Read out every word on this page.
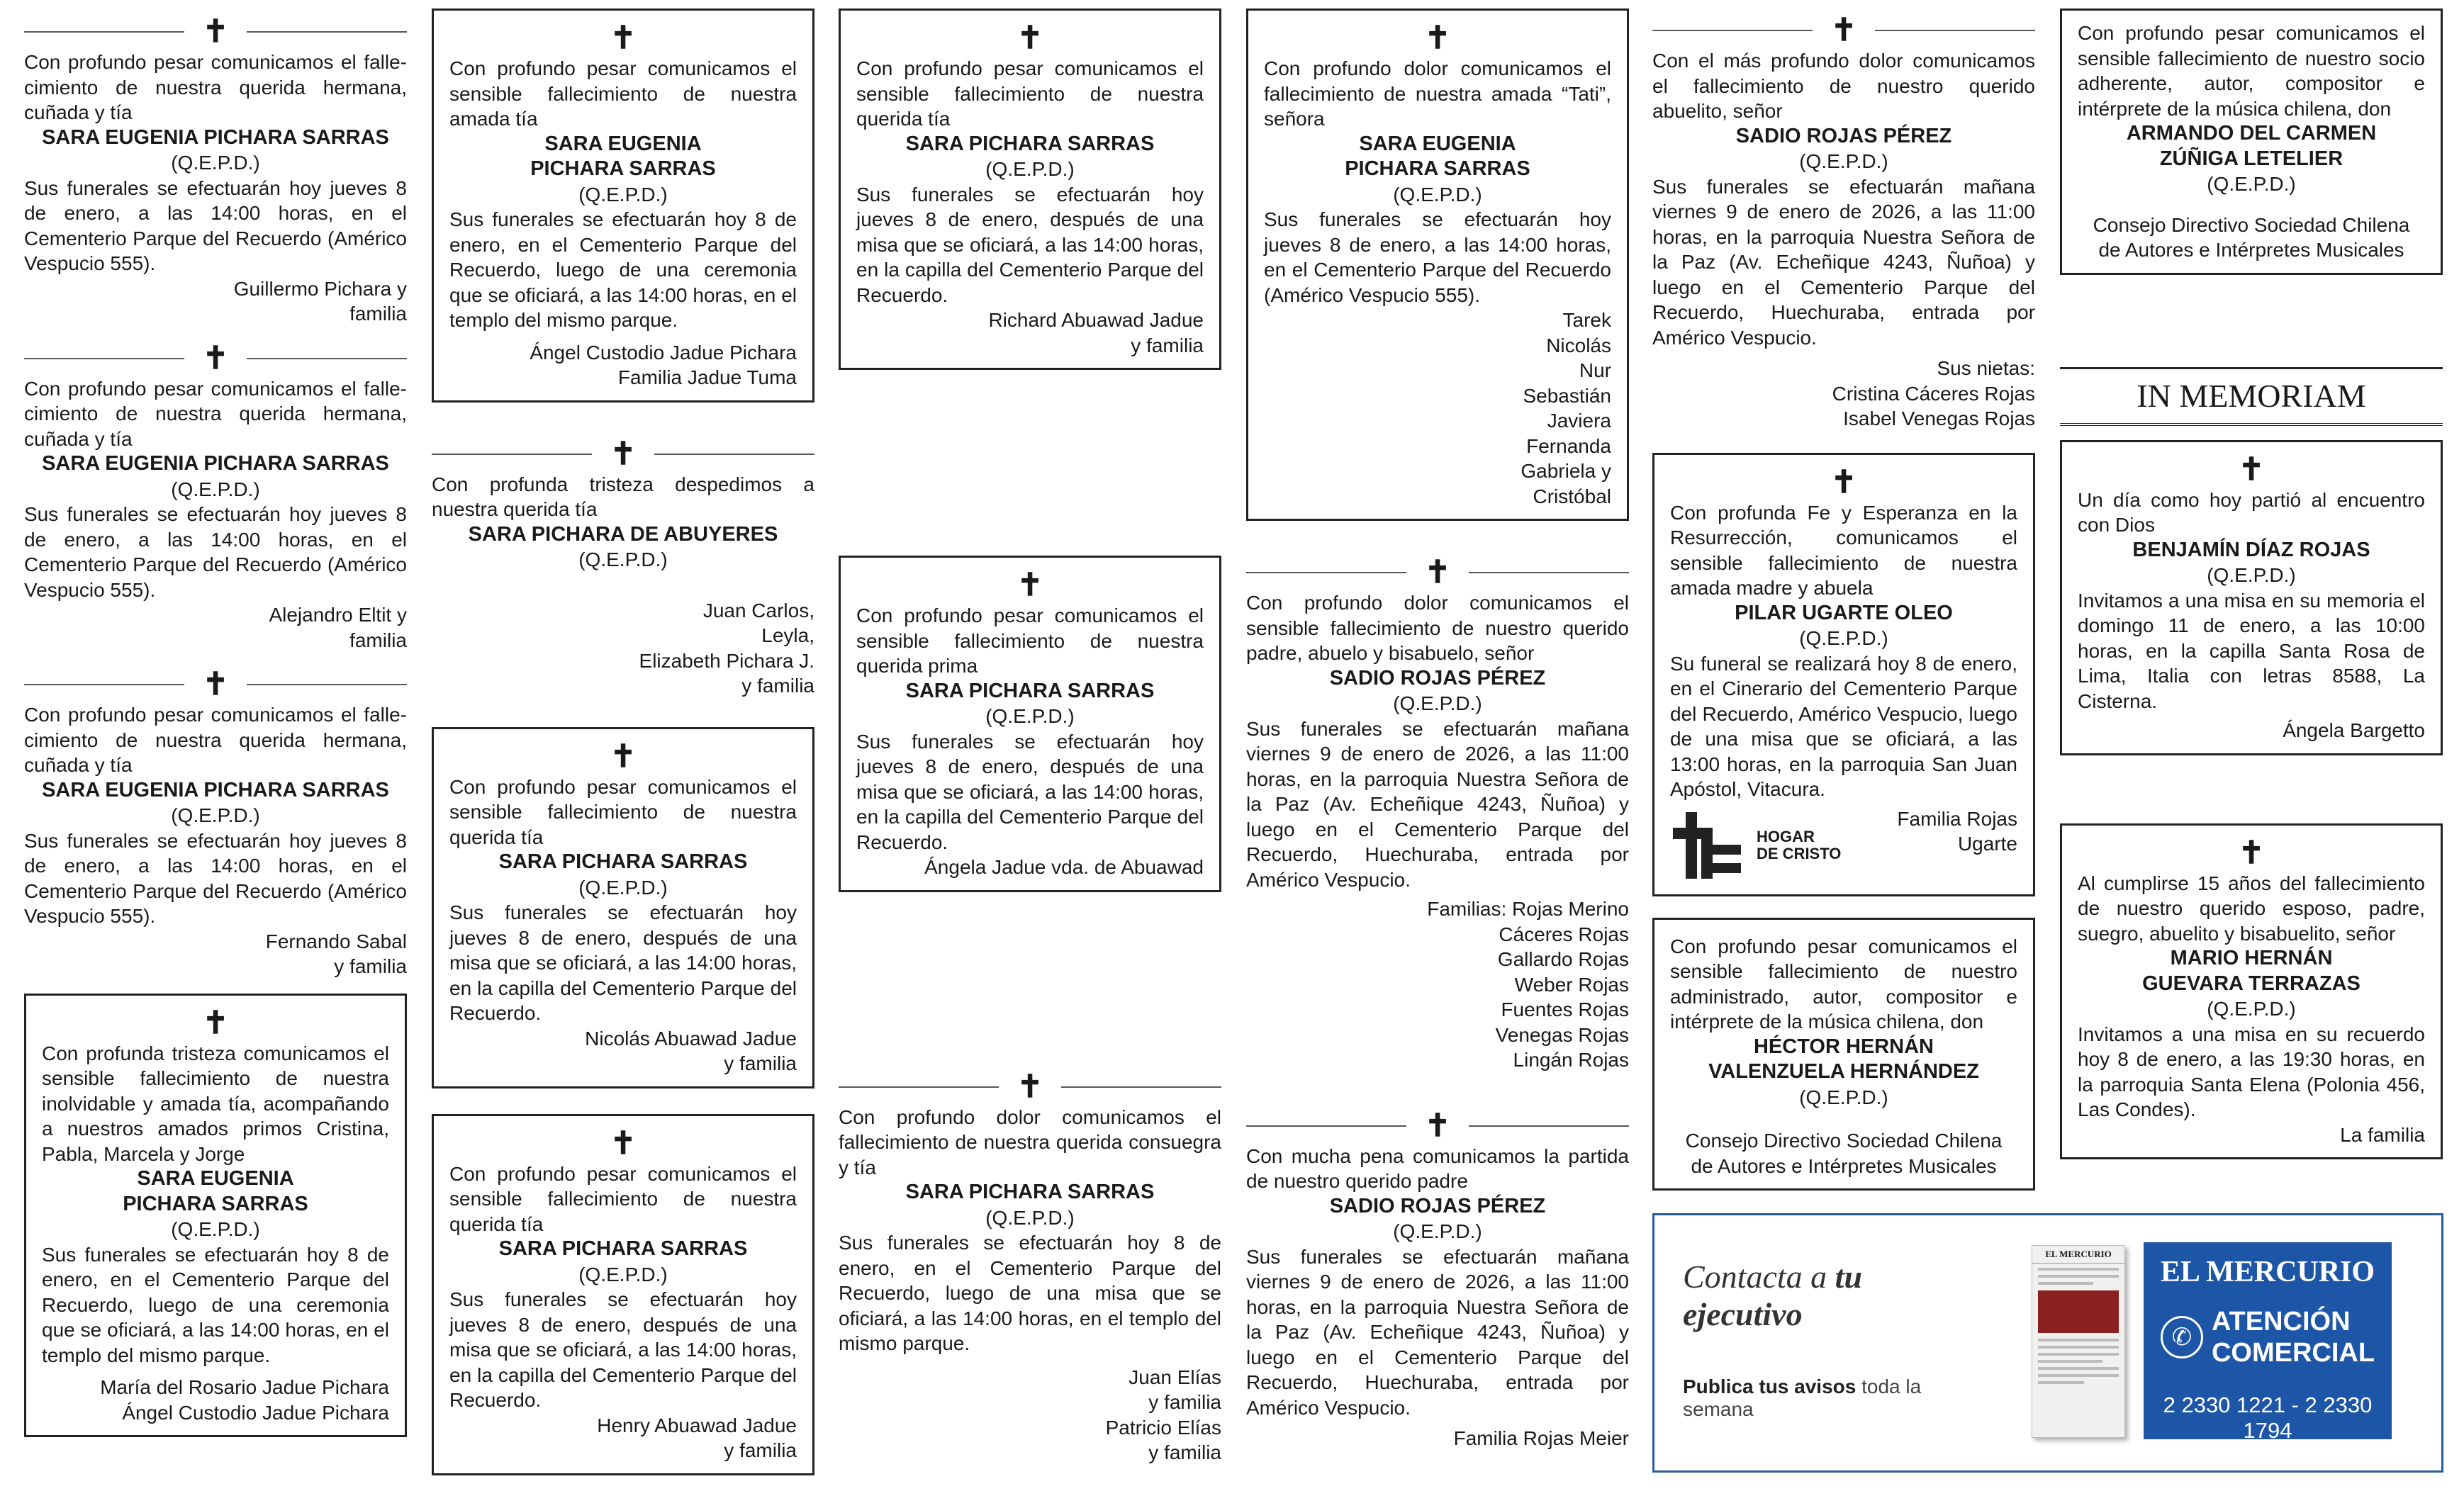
✝
Con profundo pesar comunicamos el fallecimiento de nuestra querida hermana, cuñada y tía
SARA EUGENIA PICHARA SARRAS
(Q.E.P.D.)
Sus funerales se efectuarán hoy jueves 8 de enero, a las 14:00 horas, en el Cementerio Parque del Recuerdo (Américo Vespucio 555).
Guillermo Pichara y
familia
✝
Con profundo pesar comunicamos el fallecimiento de nuestra querida hermana, cuñada y tía
SARA EUGENIA PICHARA SARRAS
(Q.E.P.D.)
Sus funerales se efectuarán hoy jueves 8 de enero, a las 14:00 horas, en el Cementerio Parque del Recuerdo (Américo Vespucio 555).
Alejandro Eltit y
familia
✝
Con profundo pesar comunicamos el fallecimiento de nuestra querida hermana, cuñada y tía
SARA EUGENIA PICHARA SARRAS
(Q.E.P.D.)
Sus funerales se efectuarán hoy jueves 8 de enero, a las 14:00 horas, en el Cementerio Parque del Recuerdo (Américo Vespucio 555).
Fernando Sabal
y familia
✝
Con profunda tristeza comunicamos el sensible fallecimiento de nuestra inolvidable y amada tía, acompañando a nuestros amados primos Cristina, Pabla, Marcela y Jorge
SARA EUGENIA
PICHARA SARRAS
(Q.E.P.D.)
Sus funerales se efectuarán hoy 8 de enero, en el Cementerio Parque del Recuerdo, luego de una ceremonia que se oficiará, a las 14:00 horas, en el templo del mismo parque.
María del Rosario Jadue Pichara
Ángel Custodio Jadue Pichara
✝
Con profundo pesar comunicamos el sensible fallecimiento de nuestra amada tía
SARA EUGENIA
PICHARA SARRAS
(Q.E.P.D.)
Sus funerales se efectuarán hoy 8 de enero, en el Cementerio Parque del Recuerdo, luego de una ceremonia que se oficiará, a las 14:00 horas, en el templo del mismo parque.
Ángel Custodio Jadue Pichara
Familia Jadue Tuma
✝
Con profunda tristeza despedimos a nuestra querida tía
SARA PICHARA DE ABUYERES
(Q.E.P.D.)
Juan Carlos,
Leyla,
Elizabeth Pichara J.
y familia
✝
Con profundo pesar comunicamos el sensible fallecimiento de nuestra querida tía
SARA PICHARA SARRAS
(Q.E.P.D.)
Sus funerales se efectuarán hoy jueves 8 de enero, después de una misa que se oficiará, a las 14:00 horas, en la capilla del Cementerio Parque del Recuerdo.
Nicolás Abuawad Jadue
y familia
✝
Con profundo pesar comunicamos el sensible fallecimiento de nuestra querida tía
SARA PICHARA SARRAS
(Q.E.P.D.)
Sus funerales se efectuarán hoy jueves 8 de enero, después de una misa que se oficiará, a las 14:00 horas, en la capilla del Cementerio Parque del Recuerdo.
Henry Abuawad Jadue
y familia
✝
Con profundo pesar comunicamos el sensible fallecimiento de nuestra querida tía
SARA PICHARA SARRAS
(Q.E.P.D.)
Sus funerales se efectuarán hoy jueves 8 de enero, después de una misa que se oficiará, a las 14:00 horas, en la capilla del Cementerio Parque del Recuerdo.
Richard Abuawad Jadue
y familia
✝
Con profundo pesar comunicamos el sensible fallecimiento de nuestra querida prima
SARA PICHARA SARRAS
(Q.E.P.D.)
Sus funerales se efectuarán hoy jueves 8 de enero, después de una misa que se oficiará, a las 14:00 horas, en la capilla del Cementerio Parque del Recuerdo.
Ángela Jadue vda. de Abuawad
✝
Con profundo dolor comunicamos el fallecimiento de nuestra querida consuegra y tía
SARA PICHARA SARRAS
(Q.E.P.D.)
Sus funerales se efectuarán hoy 8 de enero, en el Cementerio Parque del Recuerdo, luego de una misa que se oficiará, a las 14:00 horas, en el templo del mismo parque.
Juan Elías
y familia
Patricio Elías
y familia
✝
Con profundo dolor comunicamos el fallecimiento de nuestra amada “Tati”, señora
SARA EUGENIA
PICHARA SARRAS
(Q.E.P.D.)
Sus funerales se efectuarán hoy jueves 8 de enero, a las 14:00 horas, en el Cementerio Parque del Recuerdo (Américo Vespucio 555).
Tarek
Nicolás
Nur
Sebastián
Javiera
Fernanda
Gabriela y
Cristóbal
✝
Con profundo dolor comunicamos el sensible fallecimiento de nuestro querido padre, abuelo y bisabuelo, señor
SADIO ROJAS PÉREZ
(Q.E.P.D.)
Sus funerales se efectuarán mañana viernes 9 de enero de 2026, a las 11:00 horas, en la parroquia Nuestra Señora de la Paz (Av. Echeñique 4243, Ñuñoa) y luego en el Cementerio Parque del Recuerdo, Huechuraba, entrada por Américo Vespucio.
Familias: Rojas Merino
Cáceres Rojas
Gallardo Rojas
Weber Rojas
Fuentes Rojas
Venegas Rojas
Lingán Rojas
✝
Con mucha pena comunicamos la partida de nuestro querido padre
SADIO ROJAS PÉREZ
(Q.E.P.D.)
Sus funerales se efectuarán mañana viernes 9 de enero de 2026, a las 11:00 horas, en la parroquia Nuestra Señora de la Paz (Av. Echeñique 4243, Ñuñoa) y luego en el Cementerio Parque del Recuerdo, Huechuraba, entrada por Américo Vespucio.
Familia Rojas Meier
✝
Con el más profundo dolor comunicamos el fallecimiento de nuestro querido abuelito, señor
SADIO ROJAS PÉREZ
(Q.E.P.D.)
Sus funerales se efectuarán mañana viernes 9 de enero de 2026, a las 11:00 horas, en la parroquia Nuestra Señora de la Paz (Av. Echeñique 4243, Ñuñoa) y luego en el Cementerio Parque del Recuerdo, Huechuraba, entrada por Américo Vespucio.
Sus nietas:
Cristina Cáceres Rojas
Isabel Venegas Rojas
✝
Con profunda Fe y Esperanza en la Resurrección, comunicamos el sensible fallecimiento de nuestra amada madre y abuela
PILAR UGARTE OLEO
(Q.E.P.D.)
Su funeral se realizará hoy 8 de enero, en el Cinerario del Cementerio Parque del Recuerdo, Américo Vespucio, luego de una misa que se oficiará, a las 13:00 horas, en la parroquia San Juan Apóstol, Vitacura.
HOGAR
DE CRISTO
Familia Rojas
Ugarte
Con profundo pesar comunicamos el sensible fallecimiento de nuestro administrado, autor, compositor e intérprete de la música chilena, don
HÉCTOR HERNÁN
VALENZUELA HERNÁNDEZ
(Q.E.P.D.)
Consejo Directivo Sociedad Chilena
de Autores e Intérpretes Musicales
Con profundo pesar comunicamos el sensible fallecimiento de nuestro socio adherente, autor, compositor e intérprete de la música chilena, don
ARMANDO DEL CARMEN
ZÚÑIGA LETELIER
(Q.E.P.D.)
Consejo Directivo Sociedad Chilena
de Autores e Intérpretes Musicales
IN MEMORIAM
✝
Un día como hoy partió al encuentro con Dios
BENJAMÍN DÍAZ ROJAS
(Q.E.P.D.)
Invitamos a una misa en su memoria el domingo 11 de enero, a las 10:00 horas, en la capilla Santa Rosa de Lima, Italia con letras 8588, La Cisterna.
Ángela Bargetto
✝
Al cumplirse 15 años del fallecimiento de nuestro querido esposo, padre, suegro, abuelito y bisabuelito, señor
MARIO HERNÁN
GUEVARA TERRAZAS
(Q.E.P.D.)
Invitamos a una misa en su recuerdo hoy 8 de enero, a las 19:30 horas, en la parroquia Santa Elena (Polonia 456, Las Condes).
La familia
Contacta a tu ejecutivo
Publica tus avisos toda la semana
EL MERCURIO
EL MERCURIO
✆
ATENCIÓN
COMERCIAL
2 2330 1221 - 2 2330 1794
